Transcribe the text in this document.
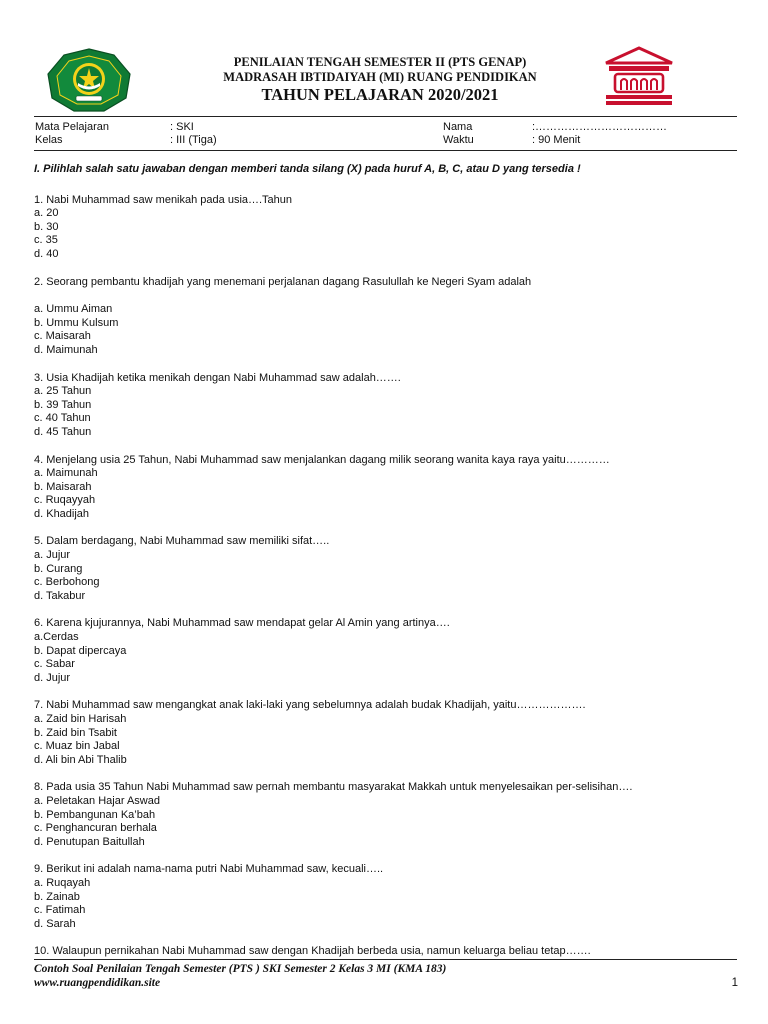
PENILAIAN TENGAH SEMESTER II (PTS GENAP)
MADRASAH IBTIDAIYAH (MI) RUANG PENDIDIKAN
TAHUN PELAJARAN 2020/2021
Mata Pelajaran	: SKI	Nama	:………………………………
Kelas	: III (Tiga)	Waktu	: 90 Menit

I. Pilihlah salah satu jawaban dengan memberi tanda silang (X) pada huruf A, B, C, atau D yang tersedia !

1. Nabi Muhammad saw menikah pada usia….Tahun
a. 20
b. 30
c. 35
d. 40
2. Seorang pembantu khadijah yang menemani perjalanan dagang Rasulullah ke Negeri Syam adalah
a. Ummu Aiman
b. Ummu Kulsum
c. Maisarah
d. Maimunah
3. Usia Khadijah ketika menikah dengan Nabi Muhammad saw adalah…….
a. 25 Tahun
b. 39 Tahun
c. 40 Tahun
d. 45 Tahun
4. Menjelang usia 25 Tahun, Nabi Muhammad saw menjalankan dagang milik seorang wanita kaya raya yaitu…………
a. Maimunah
b. Maisarah
c. Ruqayyah
d. Khadijah
5. Dalam berdagang, Nabi Muhammad saw memiliki sifat…..
a. Jujur
b. Curang
c. Berbohong
d. Takabur
6. Karena kjujurannya, Nabi Muhammad saw mendapat gelar Al Amin yang artinya….
a.Cerdas
b. Dapat dipercaya
c. Sabar
d. Jujur
7. Nabi Muhammad saw mengangkat anak laki-laki yang sebelumnya adalah budak Khadijah, yaitu……………….
a. Zaid bin Harisah
b. Zaid bin Tsabit
c. Muaz bin Jabal
d. Ali bin Abi Thalib
8. Pada usia 35 Tahun Nabi Muhammad saw pernah membantu masyarakat Makkah untuk menyelesaikan per-selisihan….
a. Peletakan Hajar Aswad
b. Pembangunan Ka’bah
c. Penghancuran berhala
d. Penutupan Baitullah
9. Berikut ini adalah nama-nama putri Nabi Muhammad saw, kecuali…..
a. Ruqayah
b. Zainab
c. Fatimah
d. Sarah
10. Walaupun pernikahan Nabi Muhammad saw dengan Khadijah berbeda usia, namun keluarga beliau tetap…….
Contoh Soal Penilaian Tengah Semester (PTS ) SKI Semester 2 Kelas 3 MI (KMA 183)
www.ruangpendidikan.site	1
